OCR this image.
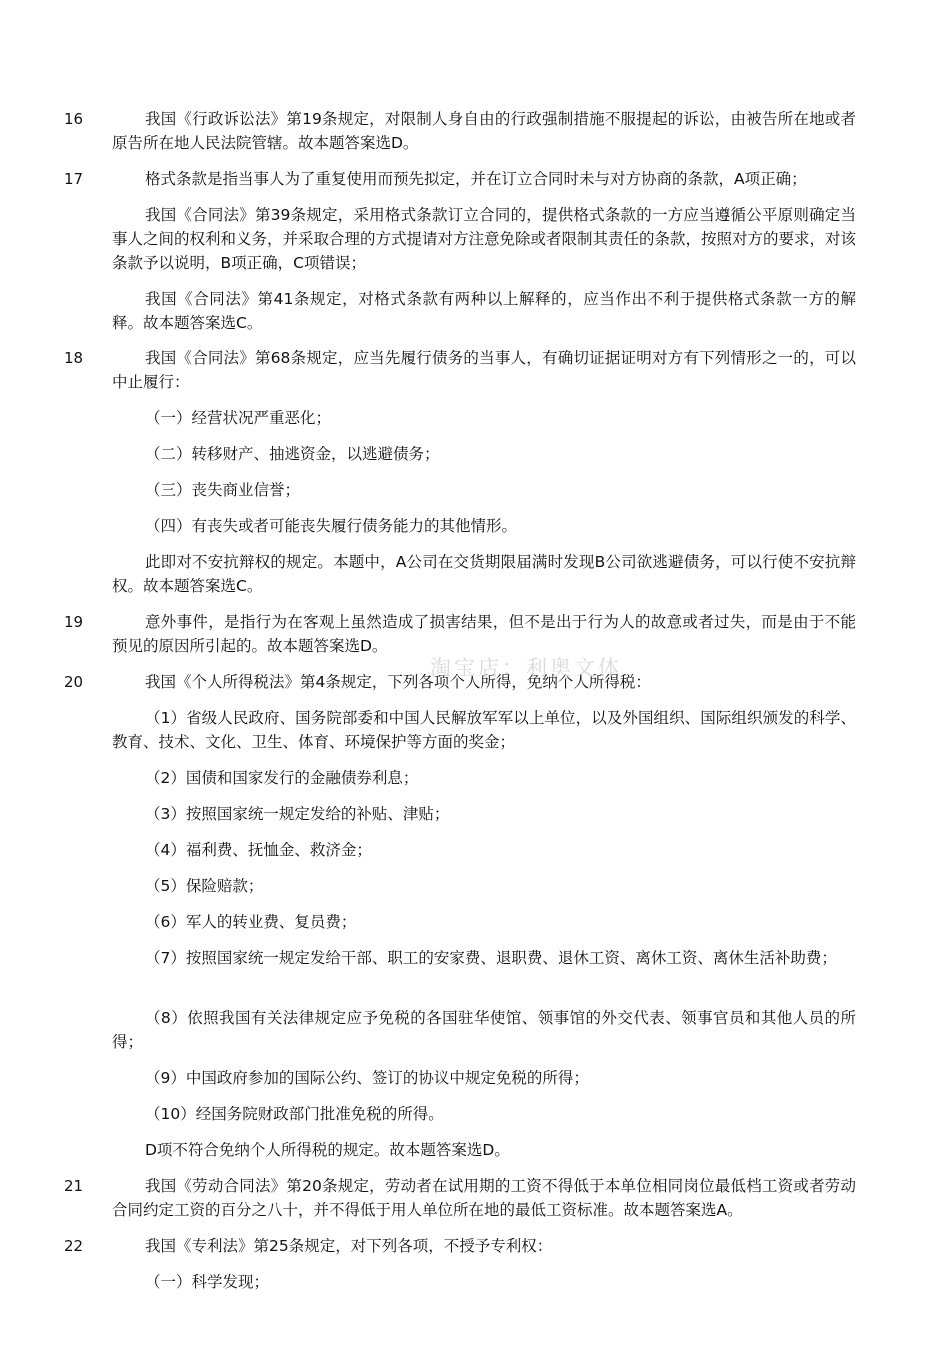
16	我国《行政诉讼法》第19条规定，对限制人身自由的行政强制措施不服提起的诉讼，由被告所在地或者原告所在地人民法院管辖。故本题答案选D。

17	格式条款是指当事人为了重复使用而预先拟定，并在订立合同时未与对方协商的条款，A项正确；

我国《合同法》第39条规定，采用格式条款订立合同的，提供格式条款的一方应当遵循公平原则确定当事人之间的权利和义务，并采取合理的方式提请对方注意免除或者限制其责任的条款，按照对方的要求，对该条款予以说明，B项正确，C项错误；

我国《合同法》第41条规定，对格式条款有两种以上解释的，应当作出不利于提供格式条款一方的解释。故本题答案选C。

18	我国《合同法》第68条规定，应当先履行债务的当事人，有确切证据证明对方有下列情形之一的，可以中止履行：

（一）经营状况严重恶化；

（二）转移财产、抽逃资金，以逃避债务；

（三）丧失商业信誉；

（四）有丧失或者可能丧失履行债务能力的其他情形。

此即对不安抗辩权的规定。本题中，A公司在交货期限届满时发现B公司欲逃避债务，可以行使不安抗辩权。故本题答案选C。

19	意外事件，是指行为在客观上虽然造成了损害结果，但不是出于行为人的故意或者过失，而是由于不能预见的原因所引起的。故本题答案选D。

20	我国《个人所得税法》第4条规定，下列各项个人所得，免纳个人所得税：

（1）省级人民政府、国务院部委和中国人民解放军军以上单位，以及外国组织、国际组织颁发的科学、教育、技术、文化、卫生、体育、环境保护等方面的奖金；

（2）国债和国家发行的金融债券利息；

（3）按照国家统一规定发给的补贴、津贴；

（4）福利费、抚恤金、救济金；

（5）保险赔款；

（6）军人的转业费、复员费；

（7）按照国家统一规定发给干部、职工的安家费、退职费、退休工资、离休工资、离休生活补助费；

（8）依照我国有关法律规定应予免税的各国驻华使馆、领事馆的外交代表、领事官员和其他人员的所得；

（9）中国政府参加的国际公约、签订的协议中规定免税的所得；

（10）经国务院财政部门批准免税的所得。

D项不符合免纳个人所得税的规定。故本题答案选D。

21	我国《劳动合同法》第20条规定，劳动者在试用期的工资不得低于本单位相同岗位最低档工资或者劳动合同约定工资的百分之八十，并不得低于用人单位所在地的最低工资标准。故本题答案选A。

22	我国《专利法》第25条规定，对下列各项，不授予专利权：

（一）科学发现；

淘宝店：利奥文体
